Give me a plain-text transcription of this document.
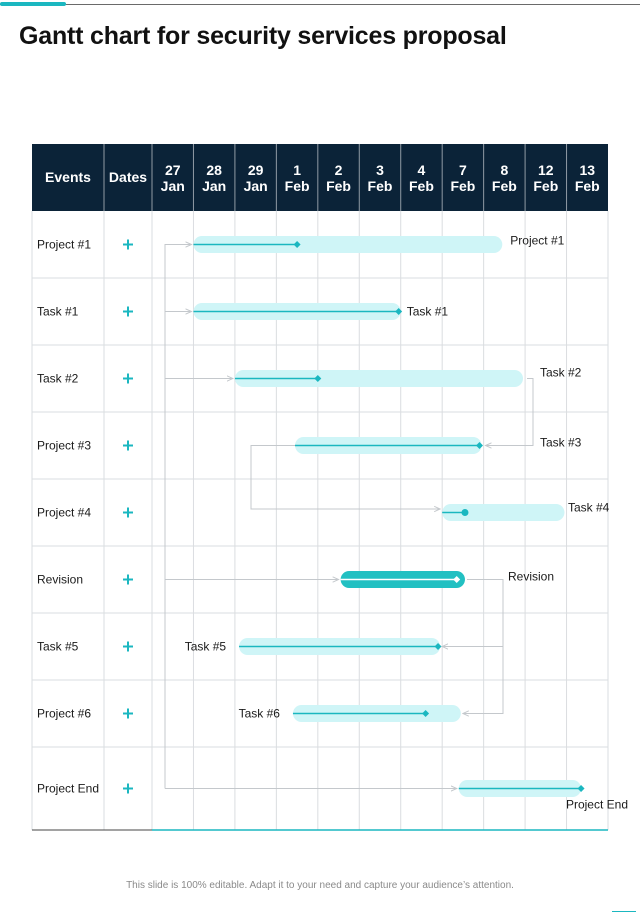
Gantt chart for security services proposal
Events Dates 27
Jan
28
Jan
29
Jan
1
Feb
2
Feb
3
Feb
4
Feb
7
Feb
8
Feb
12
Feb
13
Feb
Project #1
Task #1
Task #2
Project #3
Project #4
Revision
Task #5
Project #6
Project End
Project #1
Task #1
Task #2
Task #3
Task #4
Revision
Task #5
Task #6
Project End
This slide is 100% editable. Adapt it to your need and capture your audience’s attention.
